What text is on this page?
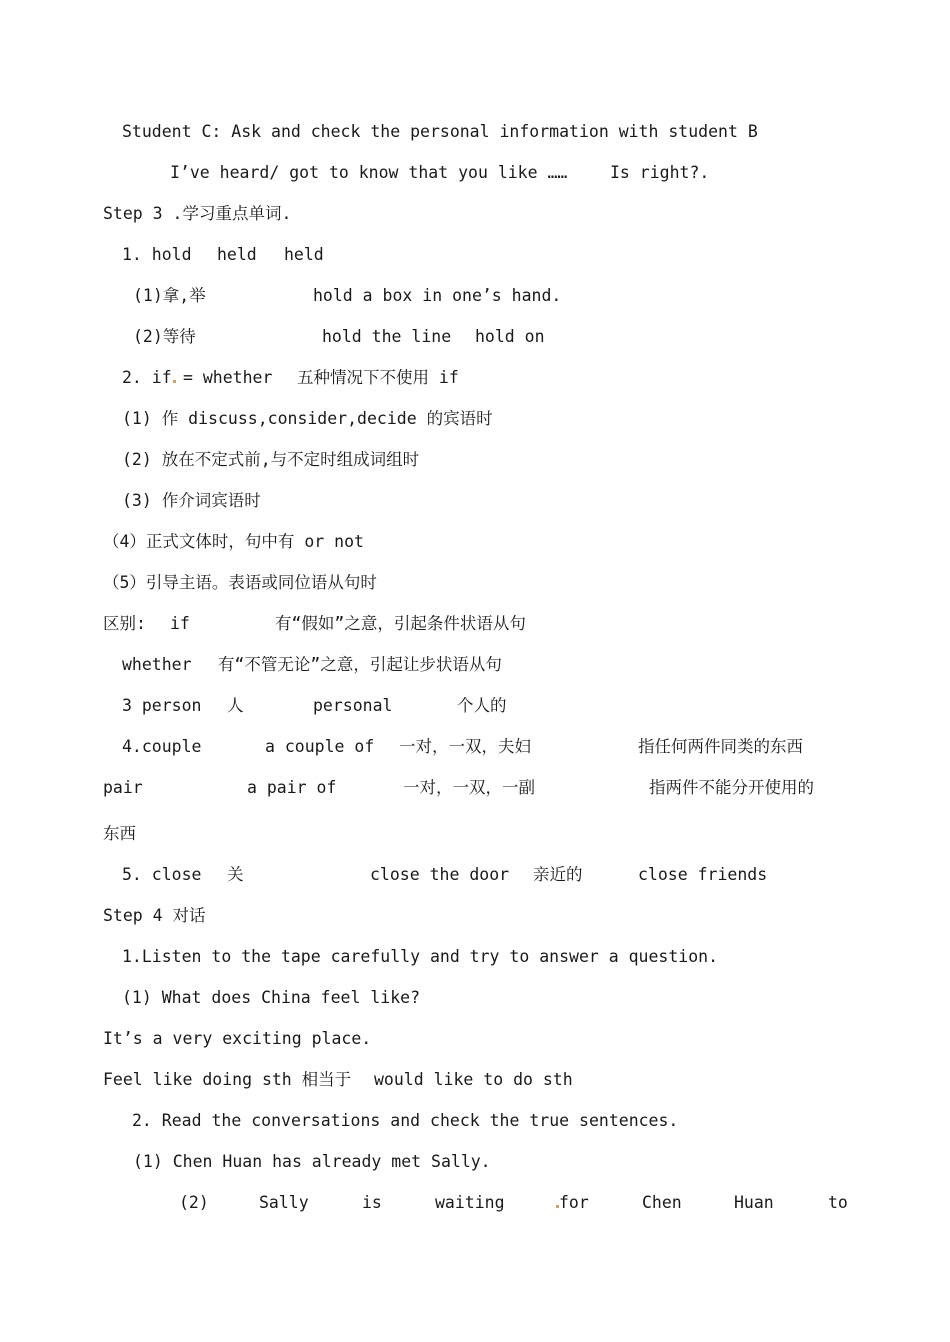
Student C: Ask and check the personal information with student B
I’ve heard/ got to know that you like ……	Is right?.
Step 3 .学习重点单词.
1. hold held held
(1)拿,举	hold a box in one’s hand.
(2)等待	hold the line hold on
2. if = whether 五种情况下不使用 if
(1) 作 discuss,consider,decide 的宾语时
(2) 放在不定式前,与不定时组成词组时
(3) 作介词宾语时
（4）正式文体时，句中有 or not
（5）引导主语。表语或同位语从句时
区别: if	有“假如”之意，引起条件状语从句
whether 有“不管无论”之意，引起让步状语从句
3 person 人	personal	个人的
4.couple	a couple of 一对，一双，夫妇	指任何两件同类的东西
pair	a pair of	一对，一双，一副	指两件不能分开使用的
东西
5. close 关	close the door 亲近的	close friends
Step 4 对话
1.Listen to the tape carefully and try to answer a question.
(1) What does China feel like?
It’s a very exciting place.
Feel like doing sth 相当于 would like to do sth
2. Read the conversations and check the true sentences.
(1) Chen Huan has already met Sally.
(2)	Sally	is	waiting	for	Chen	Huan	to
